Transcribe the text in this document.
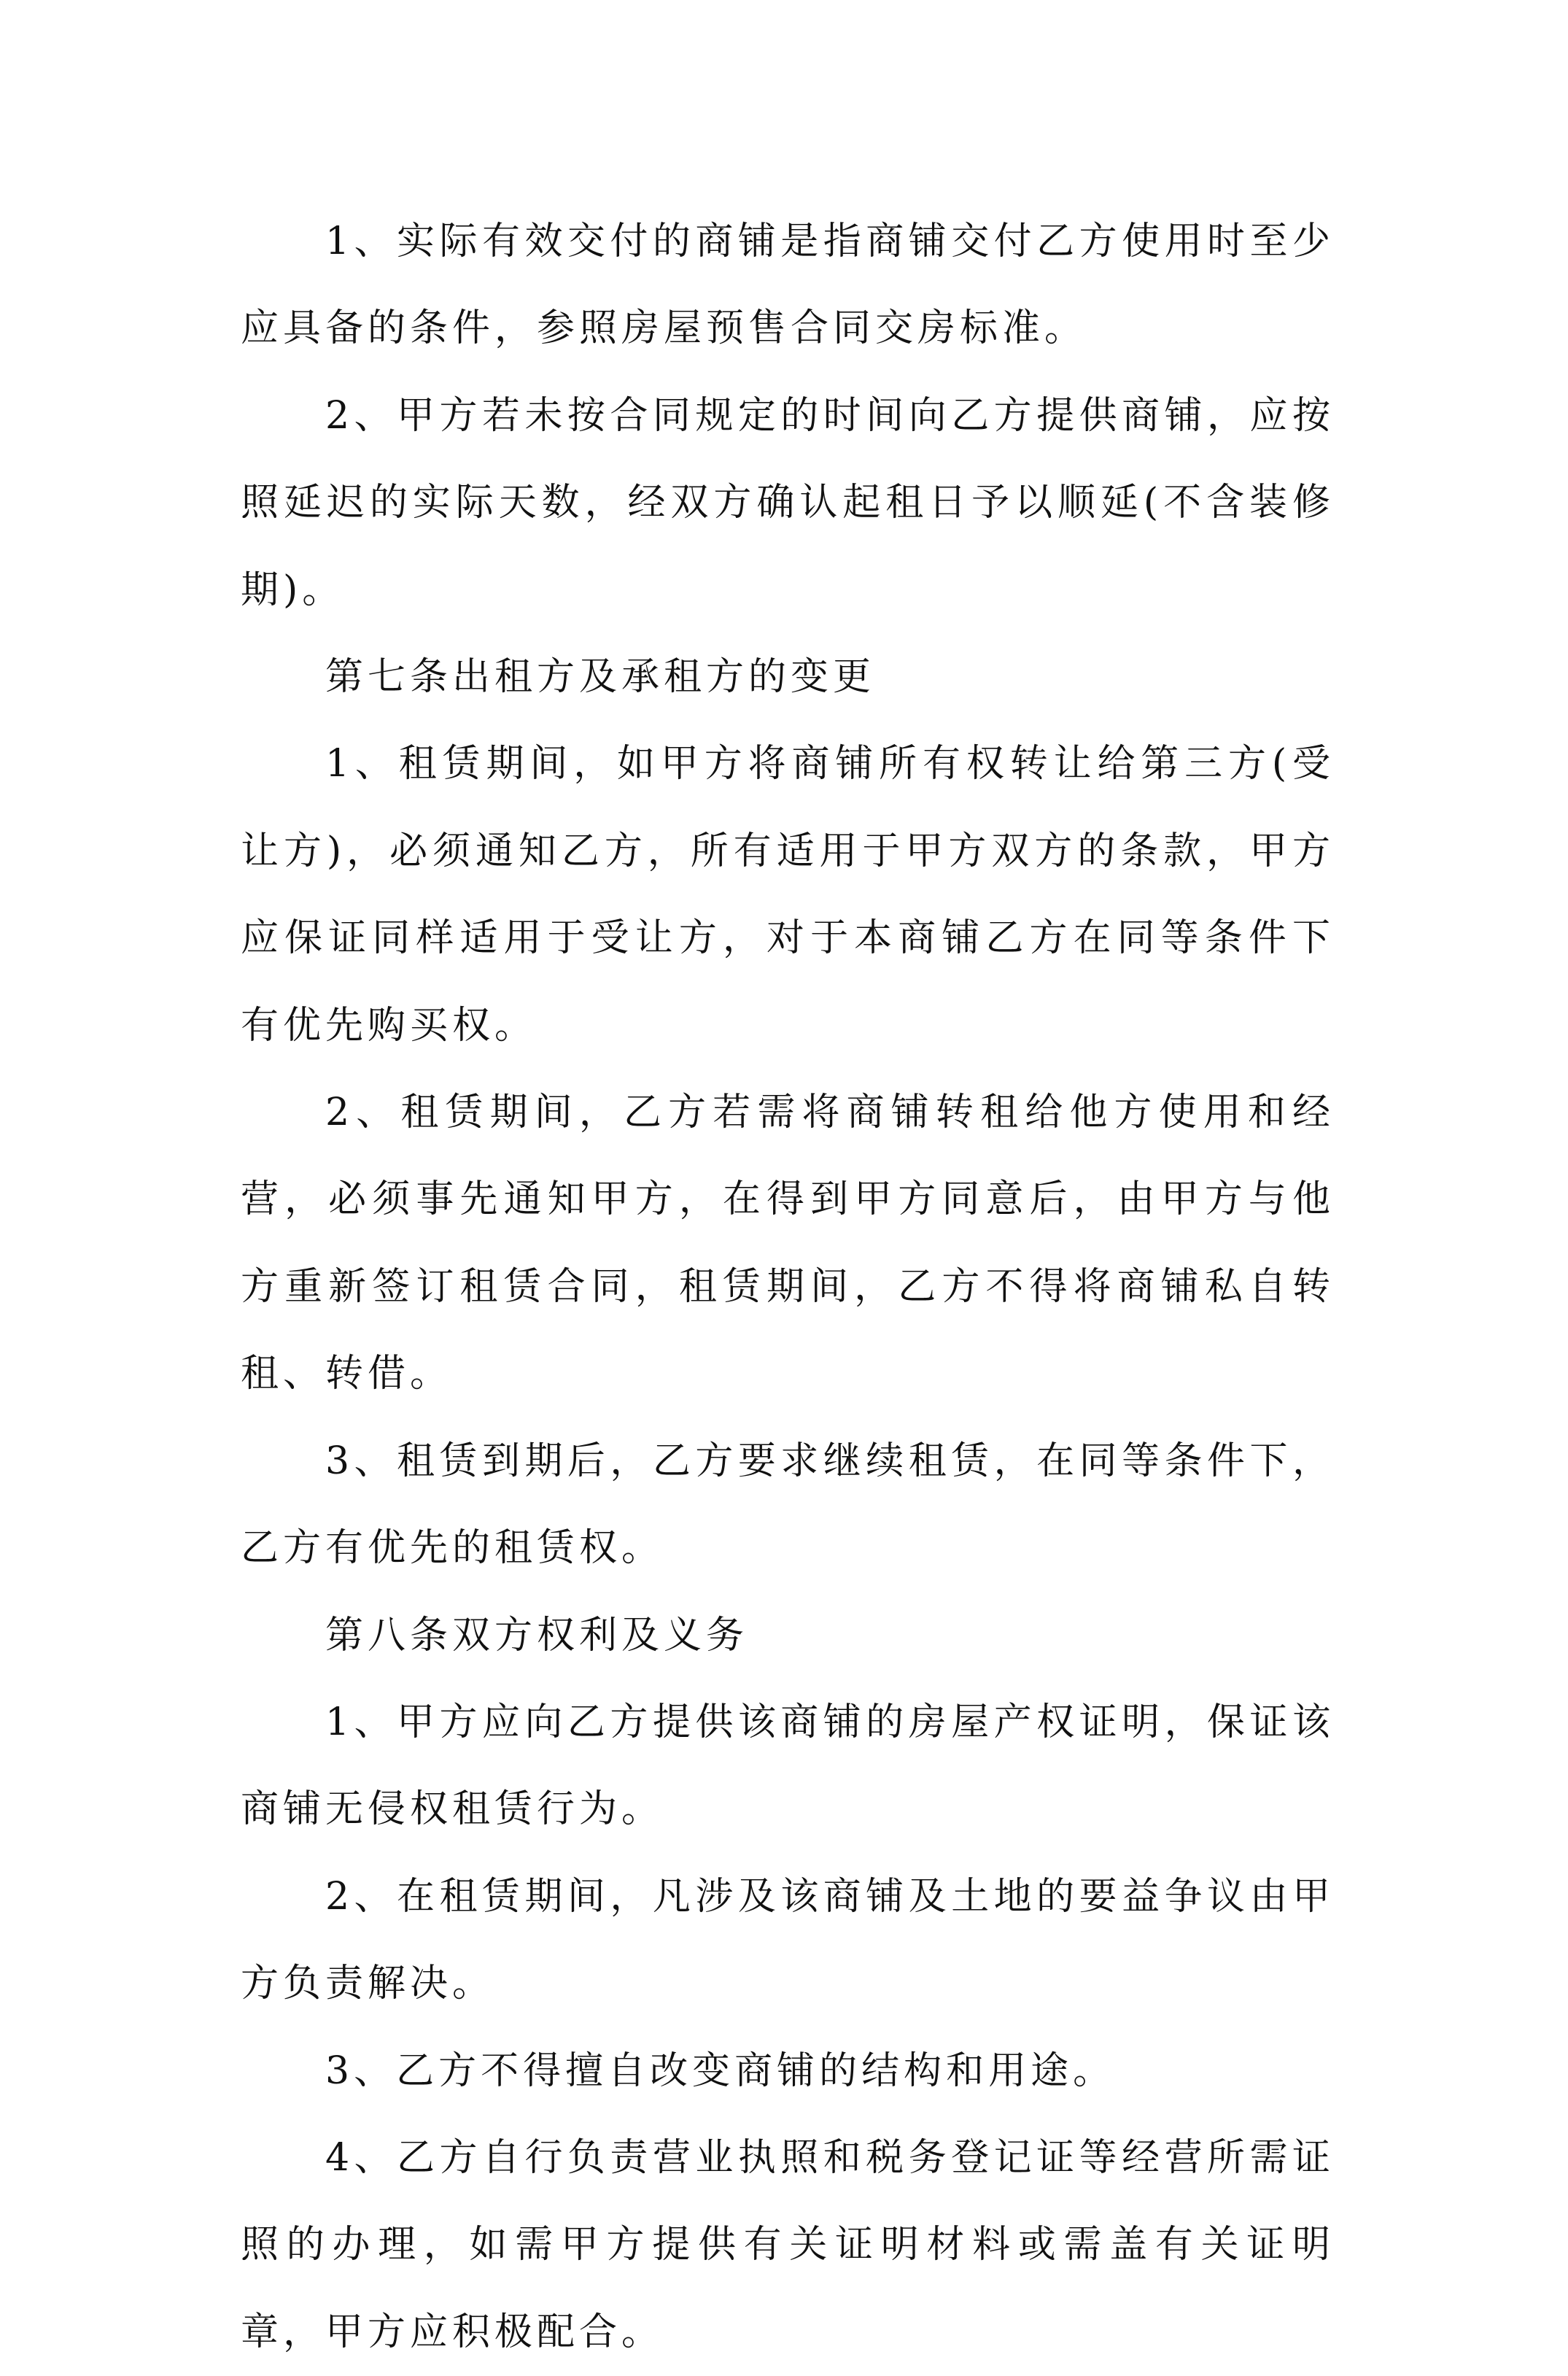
1、实际有效交付的商铺是指商铺交付乙方使用时至少应具备的条件，参照房屋预售合同交房标准。

2、甲方若未按合同规定的时间向乙方提供商铺，应按照延迟的实际天数，经双方确认起租日予以顺延(不含装修期)。

第七条出租方及承租方的变更

1、租赁期间，如甲方将商铺所有权转让给第三方(受让方)，必须通知乙方，所有适用于甲方双方的条款，甲方应保证同样适用于受让方，对于本商铺乙方在同等条件下有优先购买权。

2、租赁期间，乙方若需将商铺转租给他方使用和经营，必须事先通知甲方，在得到甲方同意后，由甲方与他方重新签订租赁合同，租赁期间，乙方不得将商铺私自转租、转借。

3、租赁到期后，乙方要求继续租赁，在同等条件下，乙方有优先的租赁权。

第八条双方权利及义务

1、甲方应向乙方提供该商铺的房屋产权证明，保证该商铺无侵权租赁行为。

2、在租赁期间，凡涉及该商铺及土地的要益争议由甲方负责解决。

3、乙方不得擅自改变商铺的结构和用途。

4、乙方自行负责营业执照和税务登记证等经营所需证照的办理，如需甲方提供有关证明材料或需盖有关证明章，甲方应积极配合。
